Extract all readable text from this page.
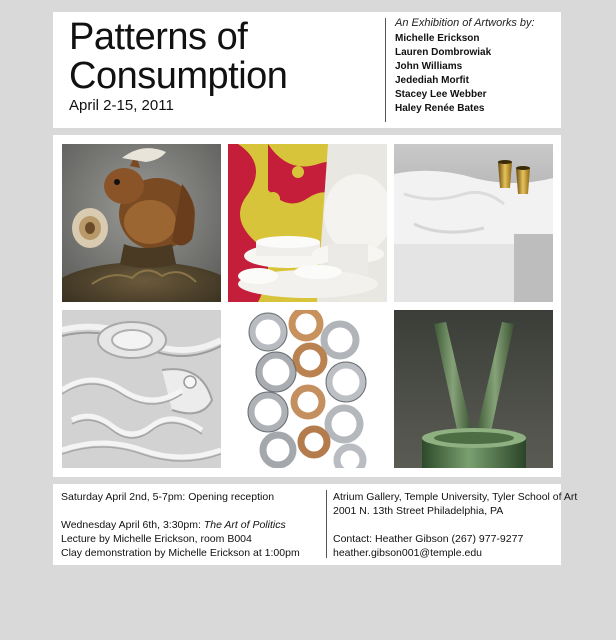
Patterns of
Consumption
April 2-15, 2011
An Exhibition of Artworks by:
Michelle Erickson
Lauren Dombrowiak
John Williams
Jedediah Morfit
Stacey Lee Webber
Haley Renée Bates
Saturday April 2nd, 5-7pm: Opening reception
Wednesday April 6th, 3:30pm: The Art of Politics
Lecture by Michelle Erickson, room B004
Clay demonstration by Michelle Erickson at 1:00pm
Atrium Gallery, Temple University, Tyler School of Art
2001 N. 13th Street Philadelphia, PA
Contact: Heather Gibson (267) 977-9277
heather.gibson001@temple.edu
